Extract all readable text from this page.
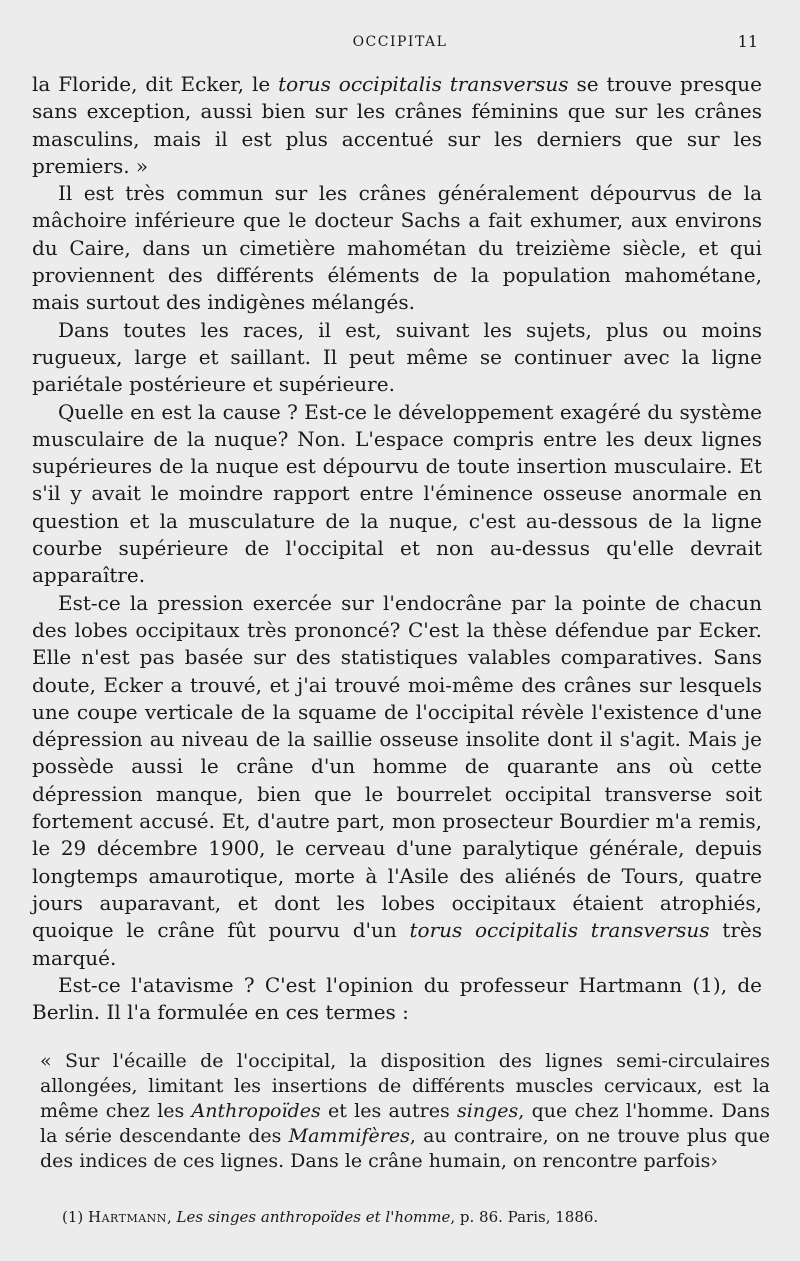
OCCIPITAL	11

la Floride, dit Ecker, le torus occipitalis transversus se trouve presque sans exception, aussi bien sur les crânes féminins que sur les crânes masculins, mais il est plus accentué sur les derniers que sur les premiers. »

Il est très commun sur les crânes généralement dépourvus de la mâchoire inférieure que le docteur Sachs a fait exhumer, aux environs du Caire, dans un cimetière mahométan du treizième siècle, et qui proviennent des différents éléments de la population mahométane, mais surtout des indigènes mélangés.

Dans toutes les races, il est, suivant les sujets, plus ou moins rugueux, large et saillant. Il peut même se continuer avec la ligne pariétale postérieure et supérieure.

Quelle en est la cause ? Est-ce le développement exagéré du système musculaire de la nuque? Non. L'espace compris entre les deux lignes supérieures de la nuque est dépourvu de toute insertion musculaire. Et s'il y avait le moindre rapport entre l'éminence osseuse anormale en question et la musculature de la nuque, c'est au-dessous de la ligne courbe supérieure de l'occipital et non au-dessus qu'elle devrait apparaître.

Est-ce la pression exercée sur l'endocrâne par la pointe de chacun des lobes occipitaux très prononcé? C'est la thèse défendue par Ecker. Elle n'est pas basée sur des statistiques valables comparatives. Sans doute, Ecker a trouvé, et j'ai trouvé moi-même des crânes sur lesquels une coupe verticale de la squame de l'occipital révèle l'existence d'une dépression au niveau de la saillie osseuse insolite dont il s'agit. Mais je possède aussi le crâne d'un homme de quarante ans où cette dépression manque, bien que le bourrelet occipital transverse soit fortement accusé. Et, d'autre part, mon prosecteur Bourdier m'a remis, le 29 décembre 1900, le cerveau d'une paralytique générale, depuis longtemps amaurotique, morte à l'Asile des aliénés de Tours, quatre jours auparavant, et dont les lobes occipitaux étaient atrophiés, quoique le crâne fût pourvu d'un torus occipitalis transversus très marqué.

Est-ce l'atavisme ? C'est l'opinion du professeur Hartmann (1), de Berlin. Il l'a formulée en ces termes :

« Sur l'écaille de l'occipital, la disposition des lignes semi-circulaires allongées, limitant les insertions de différents muscles cervicaux, est la même chez les Anthropoïdes et les autres singes, que chez l'homme. Dans la série descendante des Mammifères, au contraire, on ne trouve plus que des indices de ces lignes. Dans le crâne humain, on rencontre parfois›

(1) Hartmann, Les singes anthropoïdes et l'homme, p. 86. Paris, 1886.
